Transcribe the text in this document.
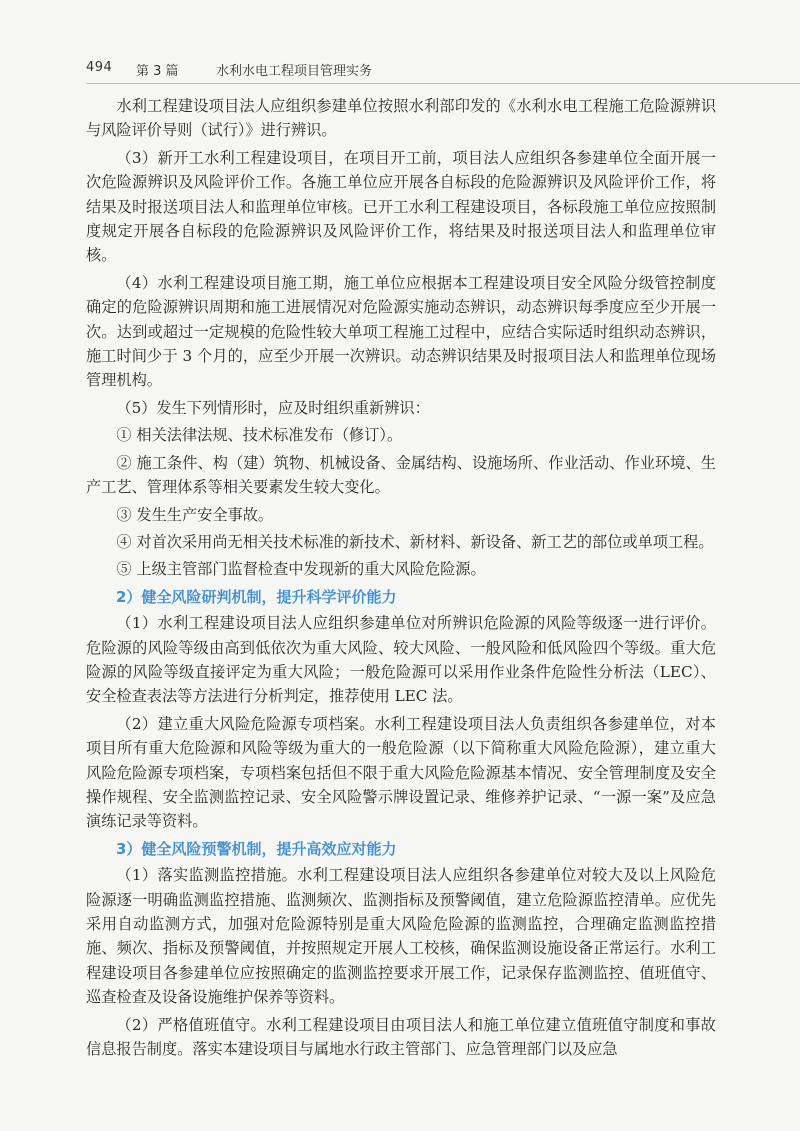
494 第 3 篇	水利水电工程项目管理实务

水利工程建设项目法人应组织参建单位按照水利部印发的《水利水电工程施工危险源辨识与风险评价导则（试行）》进行辨识。

（3）新开工水利工程建设项目，在项目开工前，项目法人应组织各参建单位全面开展一次危险源辨识及风险评价工作。各施工单位应开展各自标段的危险源辨识及风险评价工作，将结果及时报送项目法人和监理单位审核。已开工水利工程建设项目，各标段施工单位应按照制度规定开展各自标段的危险源辨识及风险评价工作，将结果及时报送项目法人和监理单位审核。

（4）水利工程建设项目施工期，施工单位应根据本工程建设项目安全风险分级管控制度确定的危险源辨识周期和施工进展情况对危险源实施动态辨识，动态辨识每季度应至少开展一次。达到或超过一定规模的危险性较大单项工程施工过程中，应结合实际适时组织动态辨识，施工时间少于 3 个月的，应至少开展一次辨识。动态辨识结果及时报项目法人和监理单位现场管理机构。

（5）发生下列情形时，应及时组织重新辨识：

① 相关法律法规、技术标准发布（修订）。

② 施工条件、构（建）筑物、机械设备、金属结构、设施场所、作业活动、作业环境、生产工艺、管理体系等相关要素发生较大变化。

③ 发生生产安全事故。

④ 对首次采用尚无相关技术标准的新技术、新材料、新设备、新工艺的部位或单项工程。

⑤ 上级主管部门监督检查中发现新的重大风险危险源。

2）健全风险研判机制，提升科学评价能力

（1）水利工程建设项目法人应组织参建单位对所辨识危险源的风险等级逐一进行评价。危险源的风险等级由高到低依次为重大风险、较大风险、一般风险和低风险四个等级。重大危险源的风险等级直接评定为重大风险；一般危险源可以采用作业条件危险性分析法（LEC）、安全检查表法等方法进行分析判定，推荐使用 LEC 法。

（2）建立重大风险危险源专项档案。水利工程建设项目法人负责组织各参建单位，对本项目所有重大危险源和风险等级为重大的一般危险源（以下简称重大风险危险源），建立重大风险危险源专项档案，专项档案包括但不限于重大风险危险源基本情况、安全管理制度及安全操作规程、安全监测监控记录、安全风险警示牌设置记录、维修养护记录、“一源一案”及应急演练记录等资料。

3）健全风险预警机制，提升高效应对能力

（1）落实监测监控措施。水利工程建设项目法人应组织各参建单位对较大及以上风险危险源逐一明确监测监控措施、监测频次、监测指标及预警阈值，建立危险源监控清单。应优先采用自动监测方式，加强对危险源特别是重大风险危险源的监测监控，合理确定监测监控措施、频次、指标及预警阈值，并按照规定开展人工校核，确保监测设施设备正常运行。水利工程建设项目各参建单位应按照确定的监测监控要求开展工作，记录保存监测监控、值班值守、巡查检查及设备设施维护保养等资料。

（2）严格值班值守。水利工程建设项目由项目法人和施工单位建立值班值守制度和事故信息报告制度。落实本建设项目与属地水行政主管部门、应急管理部门以及应急
